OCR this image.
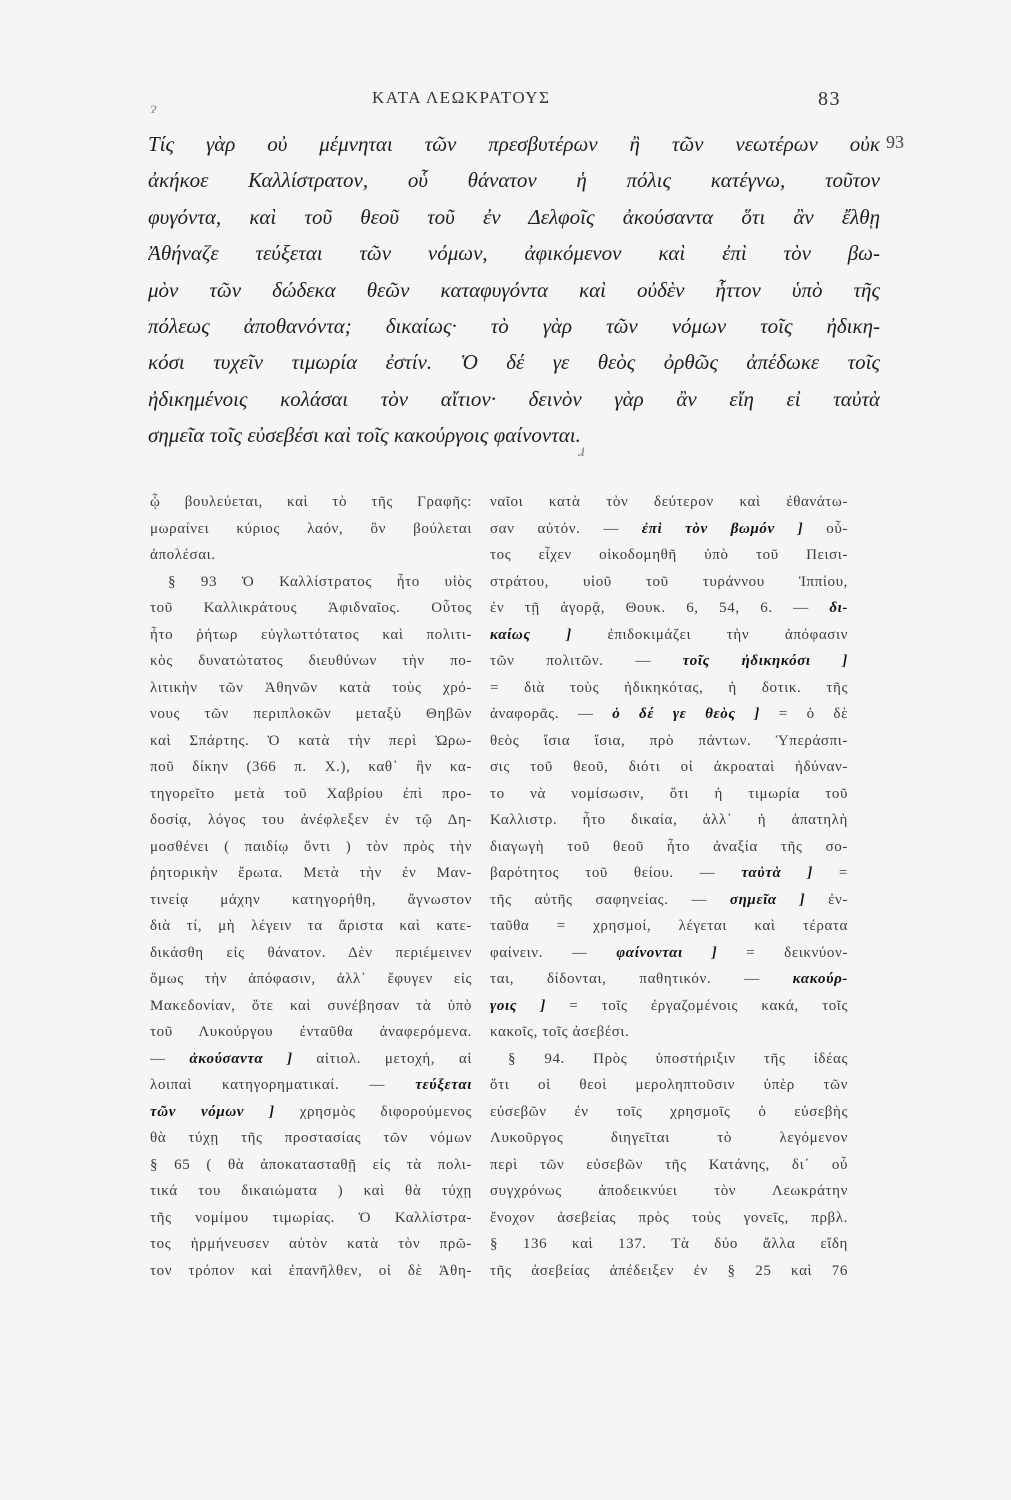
ΚΑΤΑ ΛΕΩΚΡΑΤΟΥΣ	83
93
ɂ
ɹ
Τίς γὰρ οὐ μέμνηται τῶν πρεσβυτέρων ἢ τῶν νεωτέρων οὐκ
ἀκήκοε Καλλίστρατον, οὗ θάνατον ἡ πόλις κατέγνω, τοῦτον
φυγόντα, καὶ τοῦ θεοῦ τοῦ ἐν Δελφοῖς ἀκούσαντα ὅτι ἂν ἔλθῃ
Ἀθήναζε τεύξεται τῶν νόμων, ἀφικόμενον καὶ ἐπὶ τὸν βω-
μὸν τῶν δώδεκα θεῶν καταφυγόντα καὶ οὐδὲν ἧττον ὑπὸ τῆς
πόλεως ἀποθανόντα; δικαίως· τὸ γὰρ τῶν νόμων τοῖς ἠδικη-
κόσι τυχεῖν τιμωρία ἐστίν. Ὁ δέ γε θεὸς ὀρθῶς ἀπέδωκε τοῖς
ἠδικημένοις κολάσαι τὸν αἴτιον· δεινὸν γὰρ ἂν εἴη εἰ ταὐτὰ
σημεῖα τοῖς εὐσεβέσι καὶ τοῖς κακούργοις φαίνονται.
ᾧ βουλεύεται, καὶ τὸ τῆς Γραφῆς:
μωραίνει κύριος λαόν, ὃν βούλεται
ἀπολέσαι.
§ 93 Ὁ Καλλίστρατος ἦτο υἱὸς
τοῦ Καλλικράτους Ἀφιδναῖος. Οὗτος
ἦτο ῥήτωρ εὐγλωττότατος καὶ πολιτι-
κὸς δυνατώτατος διευθύνων τὴν πο-
λιτικὴν τῶν Ἀθηνῶν κατὰ τοὺς χρό-
νους τῶν περιπλοκῶν μεταξὺ Θηβῶν
καὶ Σπάρτης. Ὁ κατὰ τὴν περὶ Ὠρω-
ποῦ δίκην (366 π. Χ.), καθ᾽ ἣν κα-
τηγορεῖτο μετὰ τοῦ Χαβρίου ἐπὶ προ-
δοσίᾳ, λόγος του ἀνέφλεξεν ἐν τῷ Δη-
μοσθένει ( παιδίῳ ὄντι ) τὸν πρὸς τὴν
ῥητορικὴν ἔρωτα. Μετὰ τὴν ἐν Μαν-
τινείᾳ μάχην κατηγορήθη, ἄγνωστον
διὰ τί, μὴ λέγειν τα ἄριστα καὶ κατε-
δικάσθη εἰς θάνατον. Δὲν περιέμεινεν
ὅμως τὴν ἀπόφασιν, ἀλλ᾽ ἔφυγεν εἰς
Μακεδονίαν, ὅτε καὶ συνέβησαν τὰ ὑπὸ
τοῦ Λυκούργου ἐνταῦθα ἀναφερόμενα.
— ἀκούσαντα ] αἰτιολ. μετοχή, αἱ
λοιπαὶ κατηγορηματικαί. — τεύξεται
τῶν νόμων ] χρησμὸς διφορούμενος
θὰ τύχῃ τῆς προστασίας τῶν νόμων
§ 65 ( θὰ ἀποκατασταθῇ εἰς τὰ πολι-
τικά του δικαιώματα ) καὶ θὰ τύχῃ
τῆς νομίμου τιμωρίας. Ὁ Καλλίστρα-
τος ἡρμήνευσεν αὐτὸν κατὰ τὸν πρῶ-
τον τρόπον καὶ ἐπανῆλθεν, οἱ δὲ Ἀθη-
ναῖοι κατὰ τὸν δεύτερον καὶ ἐθανάτω-
σαν αὐτόν. — ἐπὶ τὸν βωμόν ] οὗ-
τος εἶχεν οἰκοδομηθῆ ὑπὸ τοῦ Πεισι-
στράτου, υἱοῦ τοῦ τυράννου Ἱππίου,
ἐν τῇ ἀγορᾷ, Θουκ. 6, 54, 6. — δι-
καίως ] ἐπιδοκιμάζει τὴν ἀπόφασιν
τῶν πολιτῶν. — τοῖς ἠδικηκόσι ]
= διὰ τοὺς ἠδικηκότας, ἡ δοτικ. τῆς
ἀναφορᾶς. — ὁ δέ γε θεὸς ] = ὁ δὲ
θεὸς ἴσια ἴσια, πρὸ πάντων. Ὑπεράσπι-
σις τοῦ θεοῦ, διότι οἱ ἀκροαταὶ ἠδύναν-
το νὰ νομίσωσιν, ὅτι ἡ τιμωρία τοῦ
Καλλιστρ. ἦτο δικαία, ἀλλ᾽ ἡ ἀπατηλὴ
διαγωγὴ τοῦ θεοῦ ἦτο ἀναξία τῆς σο-
βαρότητος τοῦ θείου. — ταὐτὰ ] =
τῆς αὐτῆς σαφηνείας. — σημεῖα ] ἐν-
ταῦθα = χρησμοί, λέγεται καὶ τέρατα
φαίνειν. — φαίνονται ] = δεικνύον-
ται, δίδονται, παθητικόν. — κακούρ-
γοις ] = τοῖς ἐργαζομένοις κακά, τοῖς
κακοῖς, τοῖς ἀσεβέσι.
§ 94. Πρὸς ὑποστήριξιν τῆς ἰδέας
ὅτι οἱ θεοὶ μεροληπτοῦσιν ὑπὲρ τῶν
εὐσεβῶν ἐν τοῖς χρησμοῖς ὁ εὐσεβὴς
Λυκοῦργος διηγεῖται τὸ λεγόμενον
περὶ τῶν εὐσεβῶν τῆς Κατάνης, δι᾽ οὗ
συγχρόνως ἀποδεικνύει τὸν Λεωκράτην
ἔνοχον ἀσεβείας πρὸς τοὺς γονεῖς, πρβλ.
§ 136 καὶ 137. Τὰ δύο ἄλλα εἴδη
τῆς ἀσεβείας ἀπέδειξεν ἐν § 25 καὶ 76
